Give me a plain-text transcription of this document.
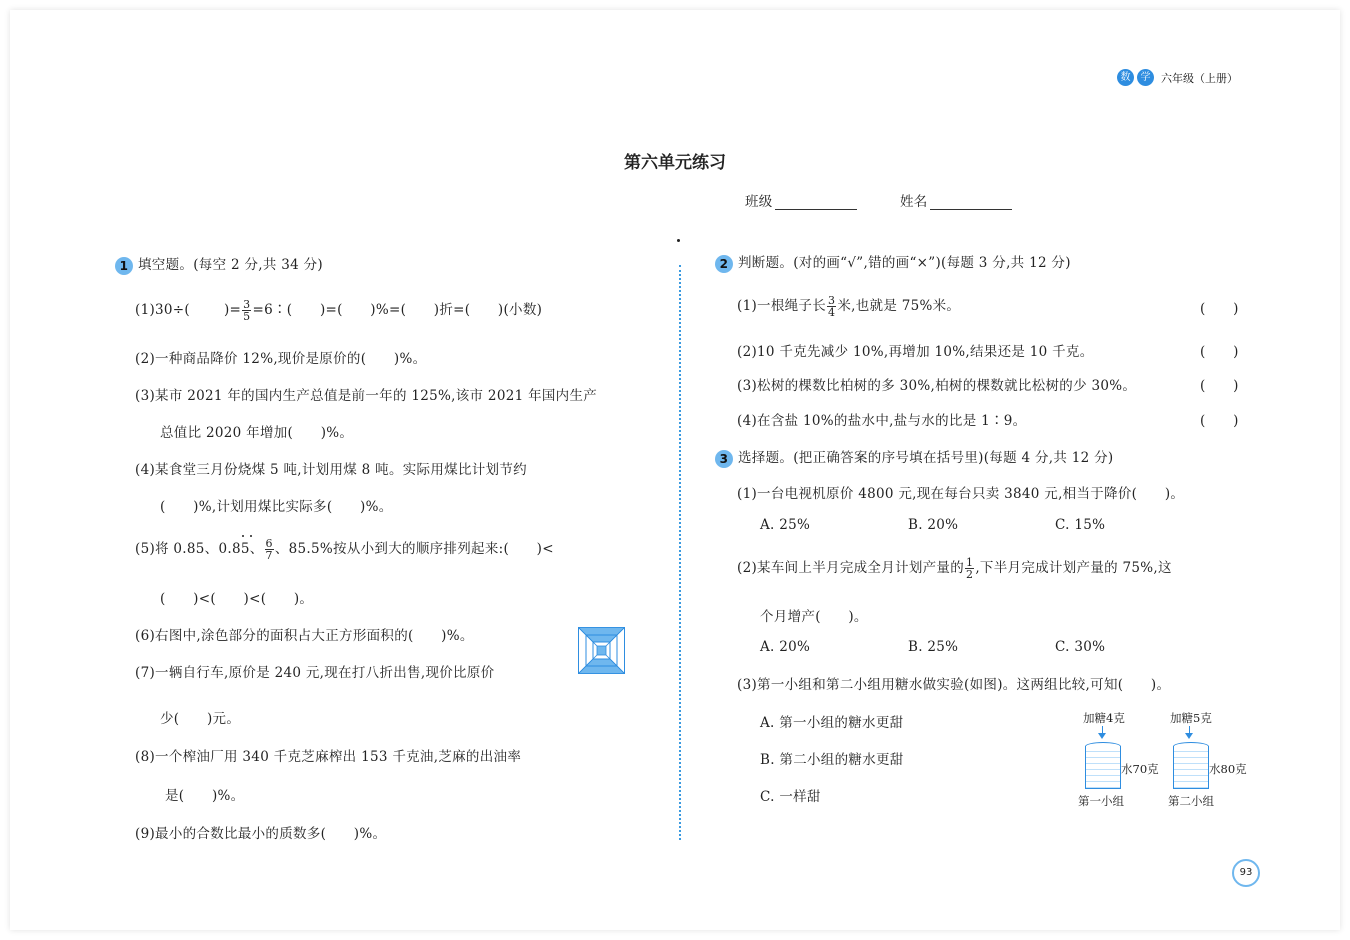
数	学 六年级（上册）
第六单元练习
班级	姓名
1 填空题。(每空 2 分,共 34 分)
(1)30÷(	)= $\frac{3}{5}$ =6∶(　　)=(　　)%=(　　)折=(　　)(小数)
(2)一种商品降价 12%,现价是原价的(　　)%。
(3)某市 2021 年的国内生产总值是前一年的 125%,该市 2021 年国内生产
总值比 2020 年增加(　　)%。
(4)某食堂三月份烧煤 5 吨,计划用煤 8 吨。实际用煤比计划节约
(　　)%,计划用煤比实际多(　　)%。
(5)将 0.85、0.85、 $\frac{6}{7}$ 、85.5%按从小到大的顺序排列起来:(　　)<
(　　)<(　　)<(　　)。
(6)右图中,涂色部分的面积占大正方形面积的(　　)%。
(7)一辆自行车,原价是 240 元,现在打八折出售,现价比原价
少(　　)元。
(8)一个榨油厂用 340 千克芝麻榨出 153 千克油,芝麻的出油率
是(　　)%。
(9)最小的合数比最小的质数多(　　)%。
2 判断题。(对的画“√”,错的画“×”)(每题 3 分,共 12 分)
(1)一根绳子长 $\frac{3}{4}$ 米,也就是 75%米。	(　　)
(2)10 千克先减少 10%,再增加 10%,结果还是 10 千克。	(　　)
(3)松树的棵数比柏树的多 30%,柏树的棵数就比松树的少 30%。	(　　)
(4)在含盐 10%的盐水中,盐与水的比是 1∶9。	(　　)
3 选择题。(把正确答案的序号填在括号里)(每题 4 分,共 12 分)
(1)一台电视机原价 4800 元,现在每台只卖 3840 元,相当于降价(　　)。
A. 25%	B. 20%	C. 15%
(2)某车间上半月完成全月计划产量的 $\frac{1}{2}$ ,下半月完成计划产量的 75%,这
个月增产(　　)。
A. 20%	B. 25%	C. 30%
(3)第一小组和第二小组用糖水做实验(如图)。这两组比较,可知(　　)。
A. 第一小组的糖水更甜
B. 第二小组的糖水更甜
C. 一样甜
加糖4克	加糖5克
水70克	水80克
第一小组	第二小组
93
